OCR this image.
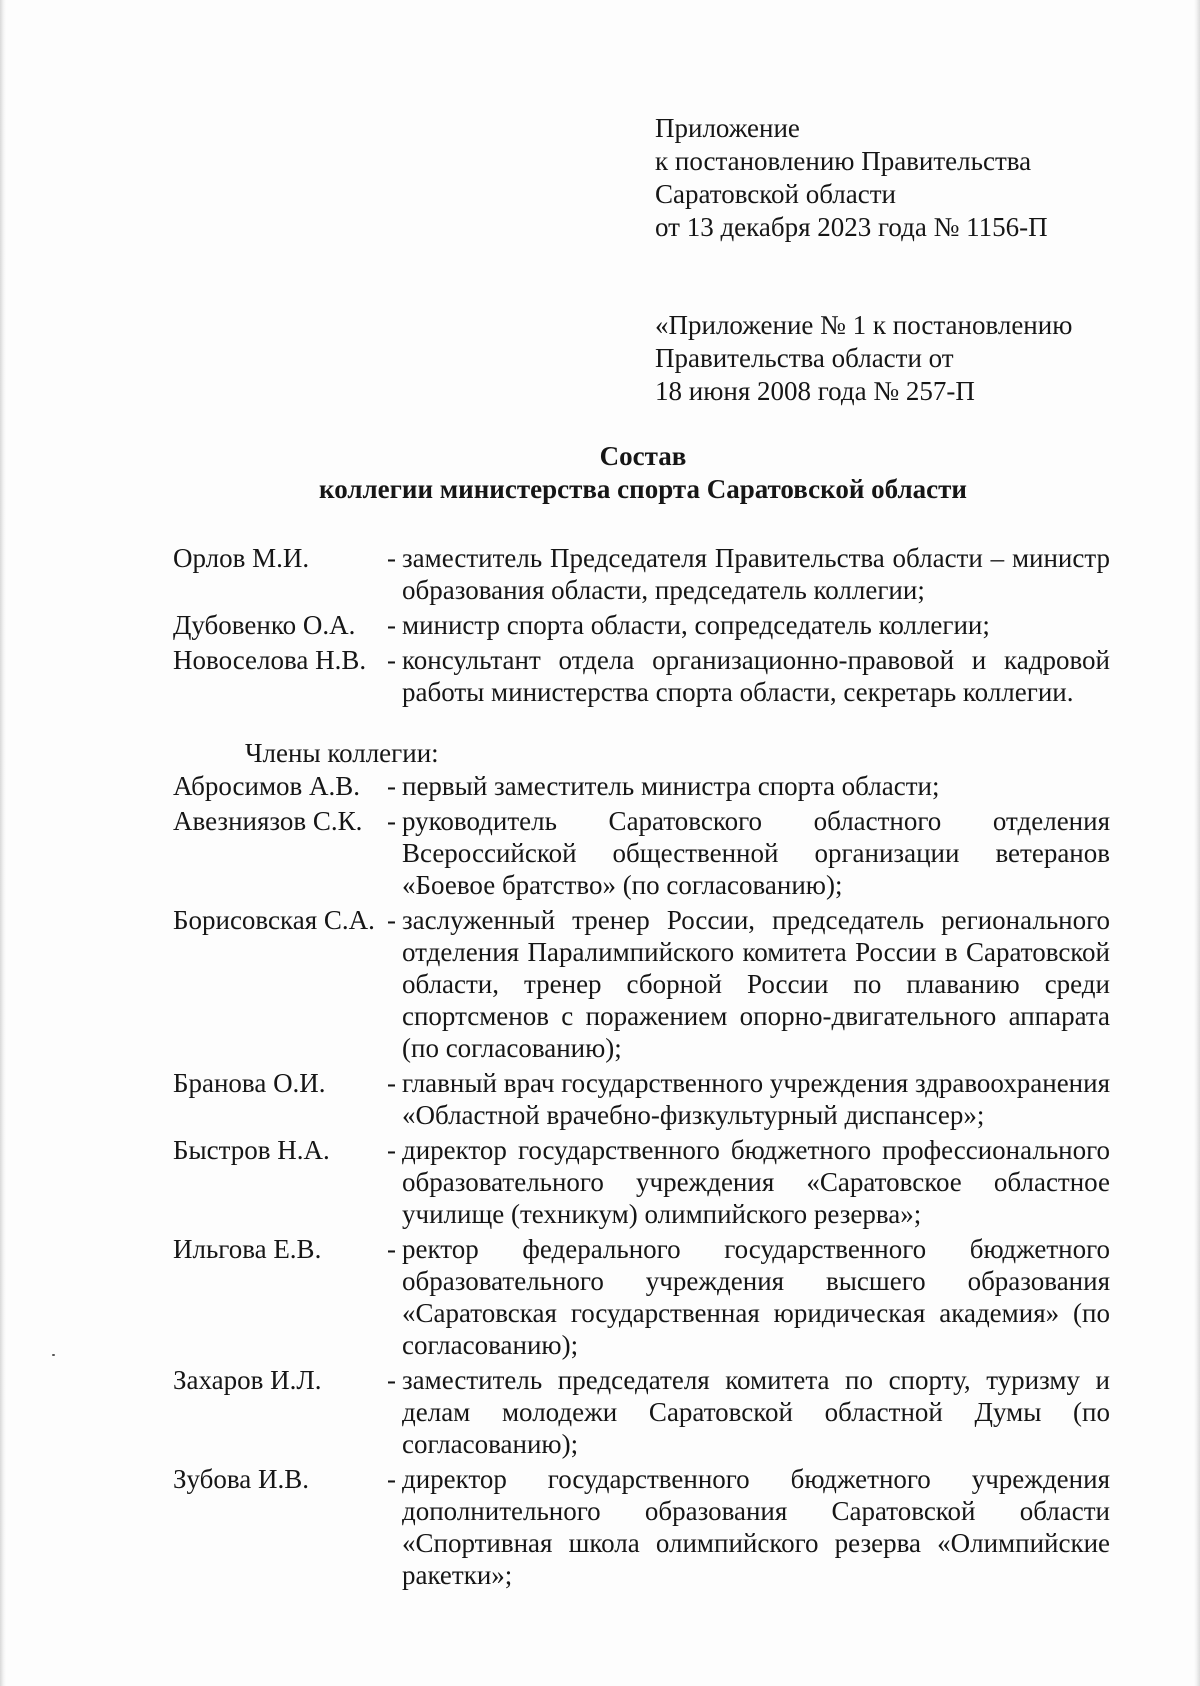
Приложение
к постановлению Правительства
Саратовской области
от 13 декабря 2023 года № 1156-П
«Приложение № 1 к постановлению
Правительства области от
18 июня 2008 года № 257-П
Состав
коллегии министерства спорта Саратовской области
Орлов М.И.	- заместитель Председателя Правительства области – министр образования области, председатель коллегии;
Дубовенко О.А.	- министр спорта области, сопредседатель коллегии;
Новоселова Н.В. - консультант отдела организационно-правовой и кадровой работы министерства спорта области, секретарь коллегии.
Члены коллегии:
Абросимов А.В. - первый заместитель министра спорта области;
Авезниязов С.К. - руководитель Саратовского областного отделения Всероссийской общественной организации ветеранов «Боевое братство» (по согласованию);
Борисовская С.А. - заслуженный тренер России, председатель регионального отделения Паралимпийского комитета России в Саратовской области, тренер сборной России по плаванию среди спортсменов с поражением опорно-двигательного аппарата (по согласованию);
Бранова О.И.	- главный врач государственного учреждения здравоохранения «Областной врачебно-физкультурный диспансер»;
Быстров Н.А.	- директор государственного бюджетного профессионального образовательного учреждения «Саратовское областное училище (техникум) олимпийского резерва»;
Ильгова Е.В.	- ректор федерального государственного бюджетного образовательного учреждения высшего образования «Саратовская государственная юридическая академия» (по согласованию);
Захаров И.Л.	- заместитель председателя комитета по спорту, туризму и делам молодежи Саратовской областной Думы (по согласованию);
Зубова И.В.	- директор государственного бюджетного учреждения дополнительного образования Саратовской области «Спортивная школа олимпийского резерва «Олимпийские ракетки»;
